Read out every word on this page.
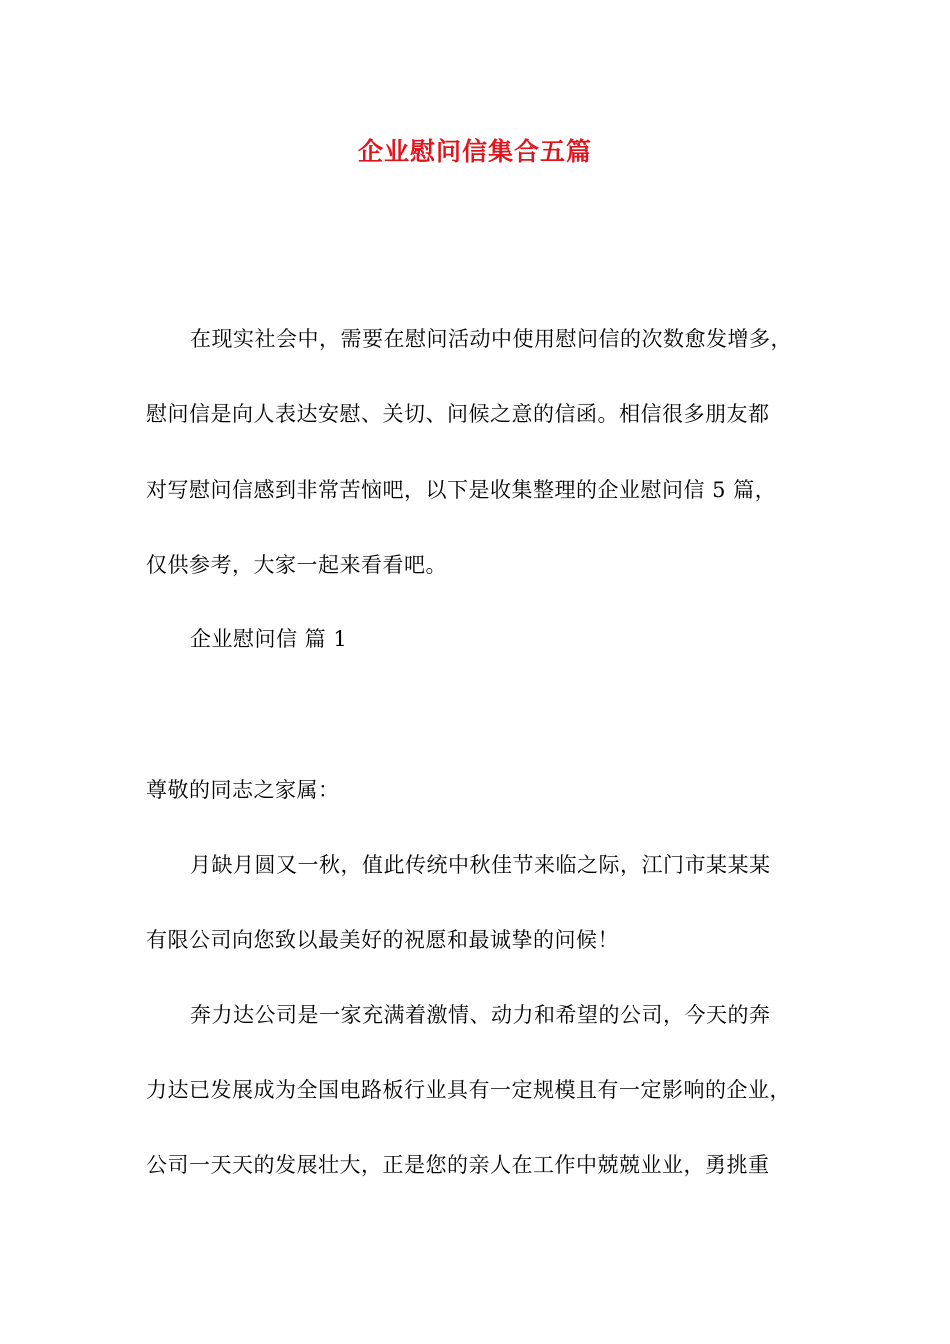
企业慰问信集合五篇
在现实社会中，需要在慰问活动中使用慰问信的次数愈发增多，
慰问信是向人表达安慰、关切、问候之意的信函。相信很多朋友都
对写慰问信感到非常苦恼吧，以下是收集整理的企业慰问信 5 篇，
仅供参考，大家一起来看看吧。
企业慰问信 篇 1
尊敬的同志之家属：
月缺月圆又一秋，值此传统中秋佳节来临之际，江门市某某某
有限公司向您致以最美好的祝愿和最诚挚的问候！
奔力达公司是一家充满着激情、动力和希望的公司，今天的奔
力达已发展成为全国电路板行业具有一定规模且有一定影响的企业，
公司一天天的发展壮大，正是您的亲人在工作中兢兢业业，勇挑重
